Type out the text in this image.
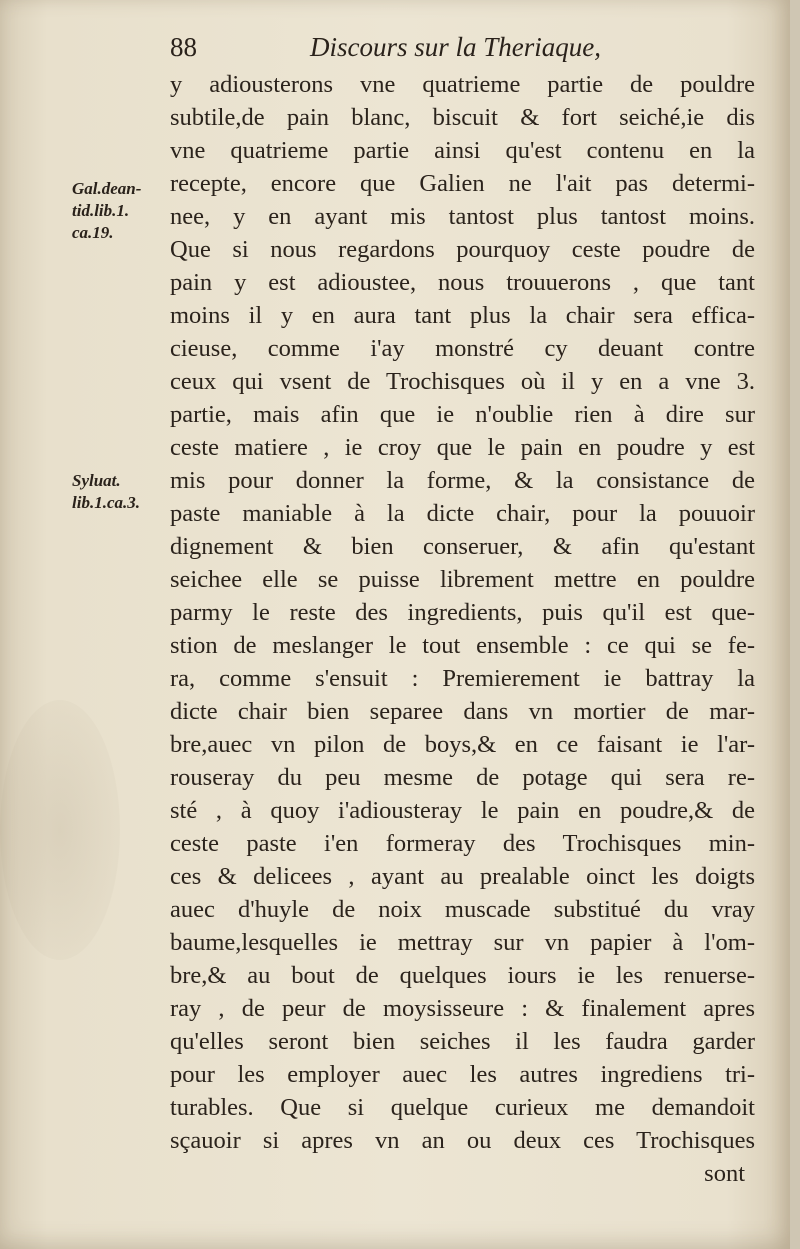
88	Discours sur la Theriaque,
Gal.dean-
tid.lib.1.
ca.19.
Syluat.
lib.1.ca.3.
y adiousterons vne quatrieme partie de pouldre
subtile,de pain blanc, biscuit & fort seiché,ie dis
vne quatrieme partie ainsi qu'est contenu en la
recepte, encore que Galien ne l'ait pas determi-
nee, y en ayant mis tantost plus tantost moins.
Que si nous regardons pourquoy ceste poudre de
pain y est adioustee, nous trouuerons , que tant
moins il y en aura tant plus la chair sera effica-
cieuse, comme i'ay monstré cy deuant contre
ceux qui vsent de Trochisques où il y en a vne 3.
partie, mais afin que ie n'oublie rien à dire sur
ceste matiere , ie croy que le pain en poudre y est
mis pour donner la forme, & la consistance de
paste maniable à la dicte chair, pour la pouuoir
dignement & bien conseruer, & afin qu'estant
seichee elle se puisse librement mettre en pouldre
parmy le reste des ingredients, puis qu'il est que-
stion de meslanger le tout ensemble : ce qui se fe-
ra, comme s'ensuit : Premierement ie battray la
dicte chair bien separee dans vn mortier de mar-
bre,auec vn pilon de boys,& en ce faisant ie l'ar-
rouseray du peu mesme de potage qui sera re-
sté , à quoy i'adiousteray le pain en poudre,& de
ceste paste i'en formeray des Trochisques min-
ces & delicees , ayant au prealable oinct les doigts
auec d'huyle de noix muscade substitué du vray
baume,lesquelles ie mettray sur vn papier à l'om-
bre,& au bout de quelques iours ie les renuerse-
ray , de peur de moysisseure : & finalement apres
qu'elles seront bien seiches il les faudra garder
pour les employer auec les autres ingrediens tri-
turables. Que si quelque curieux me demandoit
sçauoir si apres vn an ou deux ces Trochisques
sont
